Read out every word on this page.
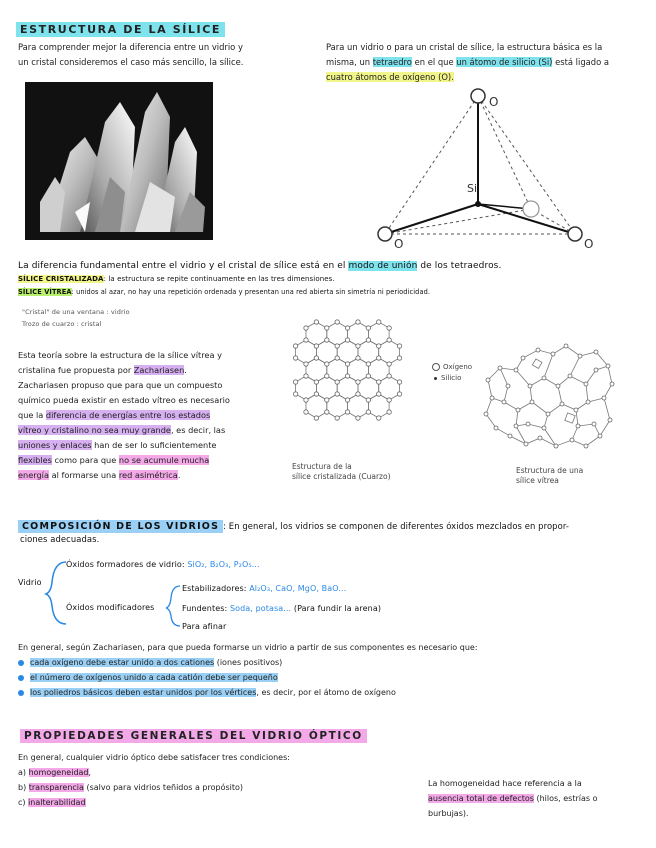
ESTRUCTURA DE LA SÍLICE
Para comprender mejor la diferencia entre un vidrio y
un cristal consideremos el caso más sencillo, la sílice.
Para un vidrio o para un cristal de sílice, la estructura básica es la
misma, un tetraedro en el que un átomo de silicio (Si) está ligado a
cuatro átomos de oxígeno (O).
O
O	O
Si
La diferencia fundamental entre el vidrio y el cristal de sílice está en el modo de unión de los tetraedros.
SÍLICE CRISTALIZADA: la estructura se repite continuamente en las tres dimensiones.
SÍLICE VÍTREA: unidos al azar, no hay una repetición ordenada y presentan una red abierta sin simetría ni periodicidad.
"Cristal" de una ventana : vidrio
Trozo de cuarzo : cristal
Esta teoría sobre la estructura de la sílice vítrea y
cristalina fue propuesta por Zachariasen.
Zachariasen propuso que para que un compuesto
químico pueda existir en estado vítreo es necesario
que la diferencia de energías entre los estados
vítreo y cristalino no sea muy grande, es decir, las
uniones y enlaces han de ser lo suficientemente
flexibles como para que no se acumule mucha
energía al formarse una red asimétrica.
Oxígeno
Silicio
Estructura de la
sílice cristalizada (Cuarzo)
Estructura de una
sílice vítrea
COMPOSICIÓN DE LOS VIDRIOS : En general, los vidrios se componen de diferentes óxidos mezclados en propor-
ciones adecuadas.
Vidrio
Óxidos formadores de vidrio: SiO₂, B₂O₃, P₂O₅...
Óxidos modificadores
Estabilizadores: Al₂O₃, CaO, MgO, BaO...
Fundentes: Soda, potasa... (Para fundir la arena)
Para afinar
En general, según Zachariasen, para que pueda formarse un vidrio a partir de sus componentes es necesario que:
cada oxígeno debe estar unido a dos cationes (iones positivos)
el número de oxígenos unido a cada catión debe ser pequeño
los poliedros básicos deben estar unidos por los vértices, es decir, por el átomo de oxígeno
PROPIEDADES GENERALES DEL VIDRIO ÓPTICO
En general, cualquier vidrio óptico debe satisfacer tres condiciones:
a) homogeneidad,
b) transparencia (salvo para vidrios teñidos a propósito)
c) inalterabilidad
La homogeneidad hace referencia a la
ausencia total de defectos (hilos, estrías o
burbujas).
